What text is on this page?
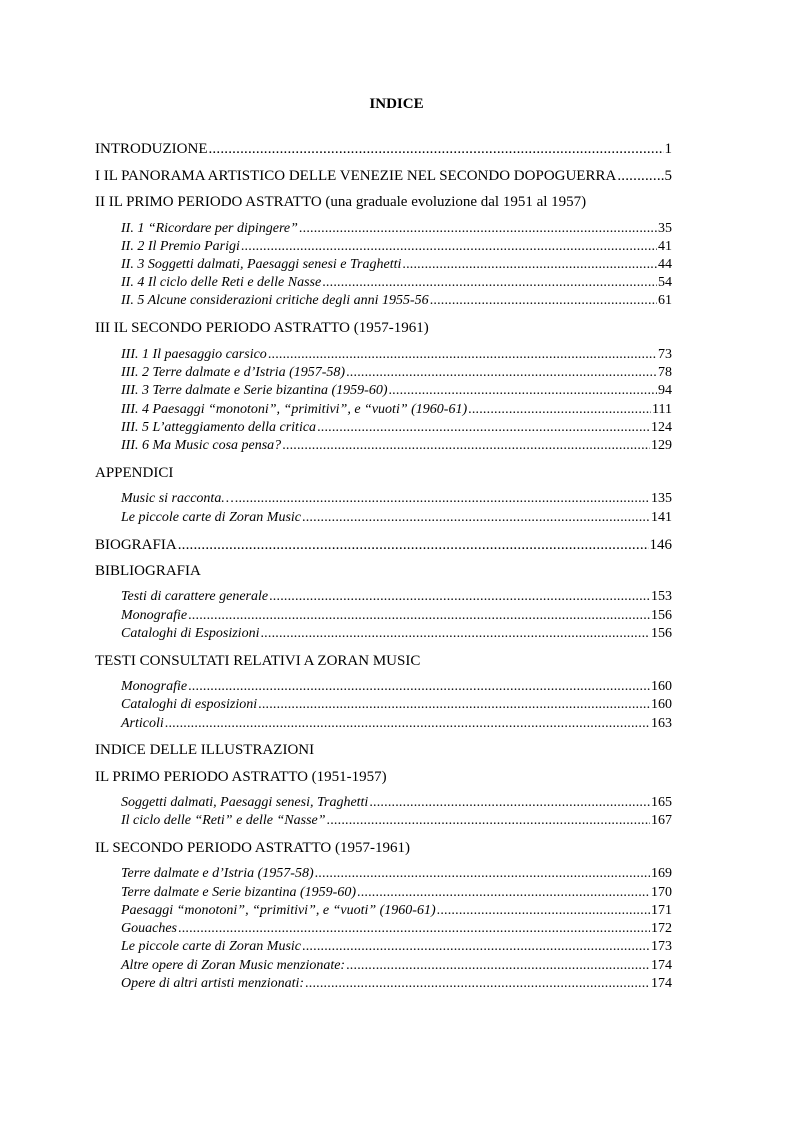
INDICE
INTRODUZIONE .....	1
I IL PANORAMA ARTISTICO DELLE VENEZIE NEL SECONDO DOPOGUERRA .....	5
II IL PRIMO PERIODO ASTRATTO (una graduale evoluzione dal 1951 al 1957)
II. 1 “Ricordare per dipingere” .....	35
II. 2 Il Premio Parigi .....	41
II. 3 Soggetti dalmati, Paesaggi senesi e Traghetti .....	44
II. 4 Il ciclo delle Reti e delle Nasse .....	54
II. 5 Alcune considerazioni critiche degli anni 1955-56 .....	61
III IL SECONDO PERIODO ASTRATTO (1957-1961)
III. 1 Il paesaggio carsico .....	73
III. 2 Terre dalmate e d’Istria (1957-58) .....	78
III. 3 Terre dalmate e Serie bizantina (1959-60) .....	94
III. 4 Paesaggi “monotoni”, “primitivi”, e “vuoti” (1960-61) .....	111
III. 5 L’atteggiamento della critica .....	124
III. 6 Ma Music cosa pensa? .....	129
APPENDICI
Music si racconta… .....	135
Le piccole carte di Zoran Music .....	141
BIOGRAFIA .....	146
BIBLIOGRAFIA
Testi di carattere generale .....	153
Monografie .....	156
Cataloghi di Esposizioni .....	156
TESTI CONSULTATI RELATIVI A ZORAN MUSIC
Monografie .....	160
Cataloghi di esposizioni .....	160
Articoli .....	163
INDICE DELLE ILLUSTRAZIONI
IL PRIMO PERIODO ASTRATTO (1951-1957)
Soggetti dalmati, Paesaggi senesi, Traghetti .....	165
Il ciclo delle “Reti” e delle “Nasse” .....	167
IL SECONDO PERIODO ASTRATTO (1957-1961)
Terre dalmate e d’Istria (1957-58) .....	169
Terre dalmate e Serie bizantina (1959-60) .....	170
Paesaggi “monotoni”, “primitivi”, e “vuoti” (1960-61) .....	171
Gouaches .....	172
Le piccole carte di Zoran Music .....	173
Altre opere di Zoran Music menzionate: .....	174
Opere di altri artisti menzionati: .....	174
